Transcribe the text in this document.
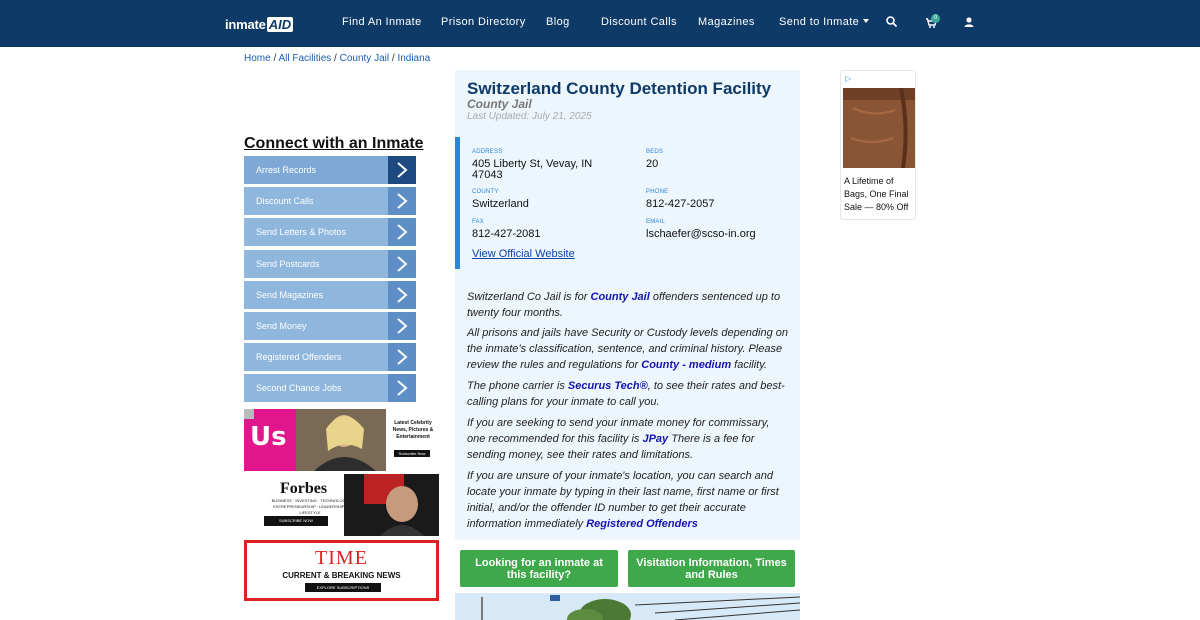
inmate AID	Find An Inmate Prison Directory Blog	Discount Calls Magazines Send to Inmate	0
Home / All Facilities / County Jail / Indiana
Connect with an Inmate
Arrest Records
Discount Calls
Send Letters & Photos
Send Postcards
Send Magazines
Send Money
Registered Offenders
Second Chance Jobs
Us	Latest Celebrity News, Pictures & Entertainment
Subscribe Now
Forbes
BUSINESS · INVESTING · TECHNOLOGY ENTREPRENEURSHIP · LEADERSHIP · LIFESTYLE
SUBSCRIBE NOW
TIME
CURRENT & BREAKING NEWS
EXPLORE SUBSCRIPTIONS
Switzerland County Detention Facility
County Jail
Last Updated: July 21, 2025
ADDRESS
405 Liberty St, Vevay, IN
47043
BEDS
20
COUNTY
Switzerland
PHONE
812-427-2057
FAX
812-427-2081
EMAIL
lschaefer@scso-in.org
View Official Website

Switzerland Co Jail is for County Jail offenders sentenced up to twenty four months.

All prisons and jails have Security or Custody levels depending on the inmate’s classification, sentence, and criminal history. Please review the rules and regulations for County - medium facility.

The phone carrier is Securus Tech®, to see their rates and best-calling plans for your inmate to call you.

If you are seeking to send your inmate money for commissary, one recommended for this facility is JPay There is a fee for sending money, see their rates and limitations.

If you are unsure of your inmate's location, you can search and locate your inmate by typing in their last name, first name or first initial, and/or the offender ID number to get their accurate information immediately Registered Offenders

Looking for an inmate at this facility?
Visitation Information, Times and Rules
▷
A Lifetime of Bags, One Final Sale — 80% Off
